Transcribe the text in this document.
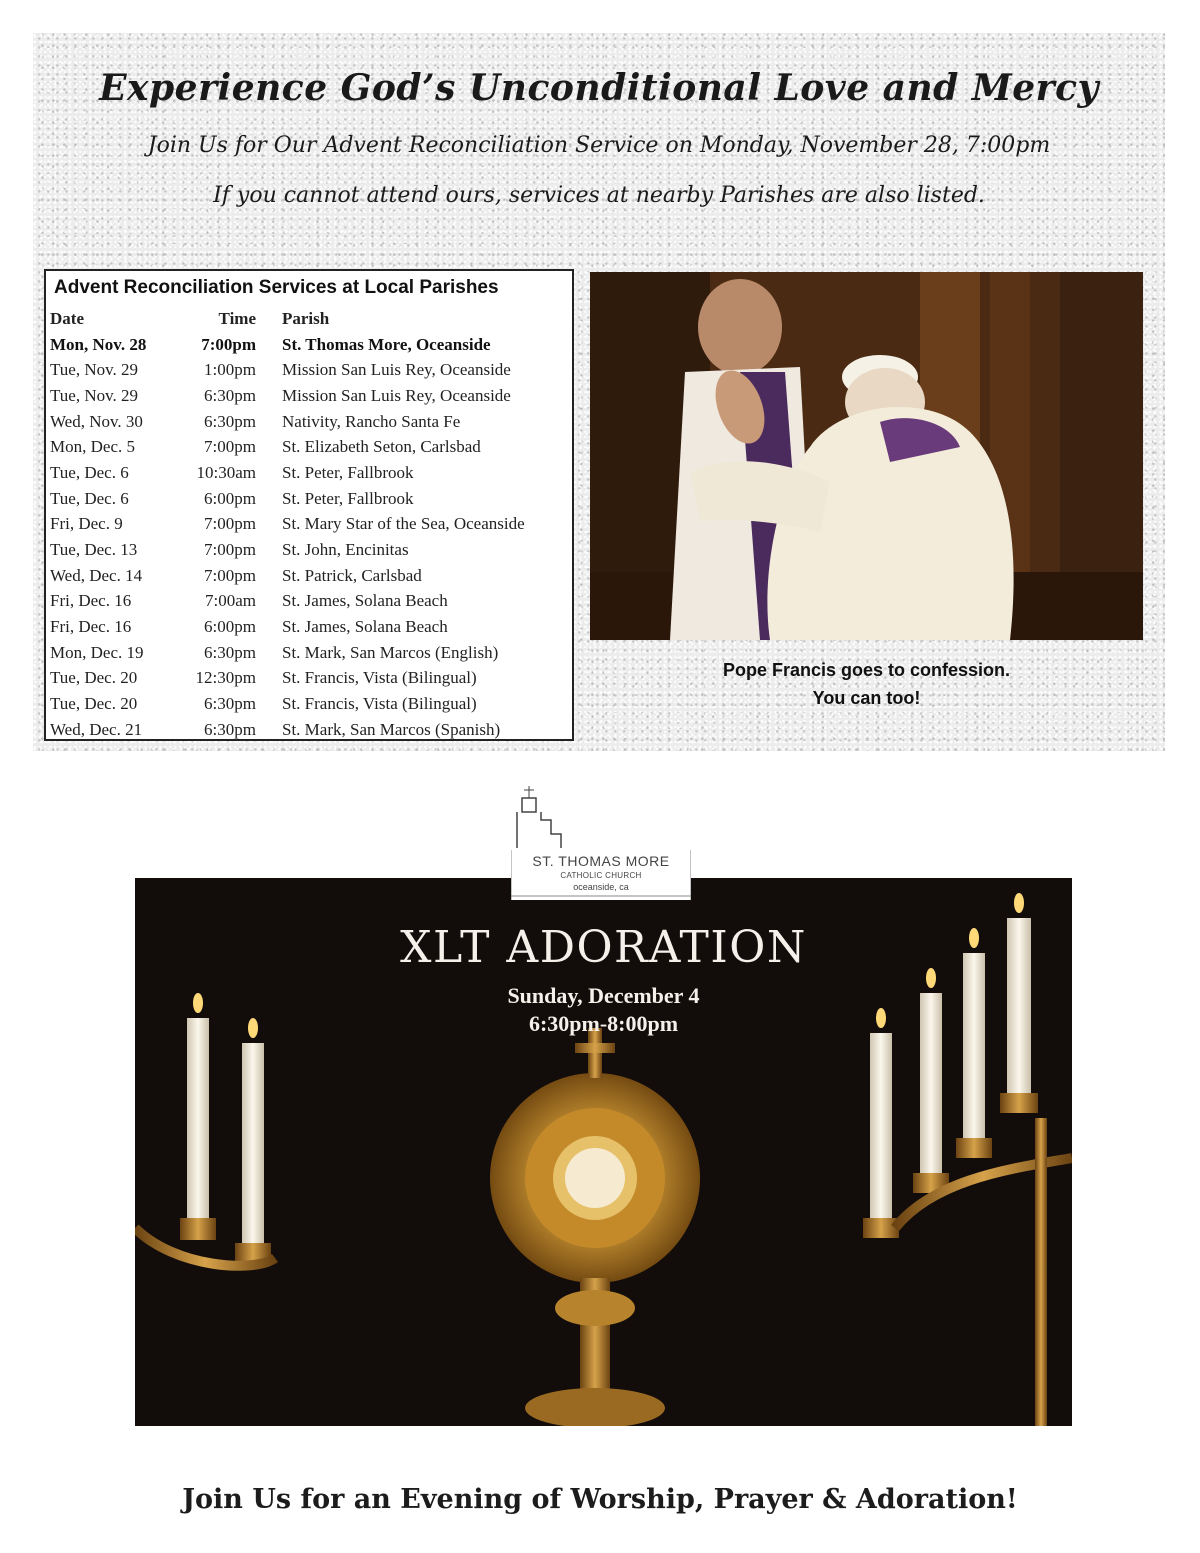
Experience God’s Unconditional Love and Mercy
Join Us for Our Advent Reconciliation Service on Monday, November 28, 7:00pm
If you cannot attend ours, services at nearby Parishes are also listed.
Advent Reconciliation Services at Local Parishes
Date	Time	Parish
Mon, Nov. 28	7:00pm	St. Thomas More, Oceanside
Tue, Nov. 29	1:00pm	Mission San Luis Rey, Oceanside
Tue, Nov. 29	6:30pm	Mission San Luis Rey, Oceanside
Wed, Nov. 30	6:30pm	Nativity, Rancho Santa Fe
Mon, Dec. 5	7:00pm	St. Elizabeth Seton, Carlsbad
Tue, Dec. 6	10:30am	St. Peter, Fallbrook
Tue, Dec. 6	6:00pm	St. Peter, Fallbrook
Fri, Dec. 9	7:00pm	St. Mary Star of the Sea, Oceanside
Tue, Dec. 13	7:00pm	St. John, Encinitas
Wed, Dec. 14	7:00pm	St. Patrick, Carlsbad
Fri, Dec. 16	7:00am	St. James, Solana Beach
Fri, Dec. 16	6:00pm	St. James, Solana Beach
Mon, Dec. 19	6:30pm	St. Mark, San Marcos (English)
Tue, Dec. 20	12:30pm	St. Francis, Vista (Bilingual)
Tue, Dec. 20	6:30pm	St. Francis, Vista (Bilingual)
Wed, Dec. 21	6:30pm	St. Mark, San Marcos (Spanish)
Pope Francis goes to confession.
You can too!
XLT ADORATION
Sunday, December 4
6:30pm-8:00pm
ST. THOMAS MORE
CATHOLIC CHURCH
oceanside, ca
Join Us for an Evening of Worship, Prayer & Adoration!
